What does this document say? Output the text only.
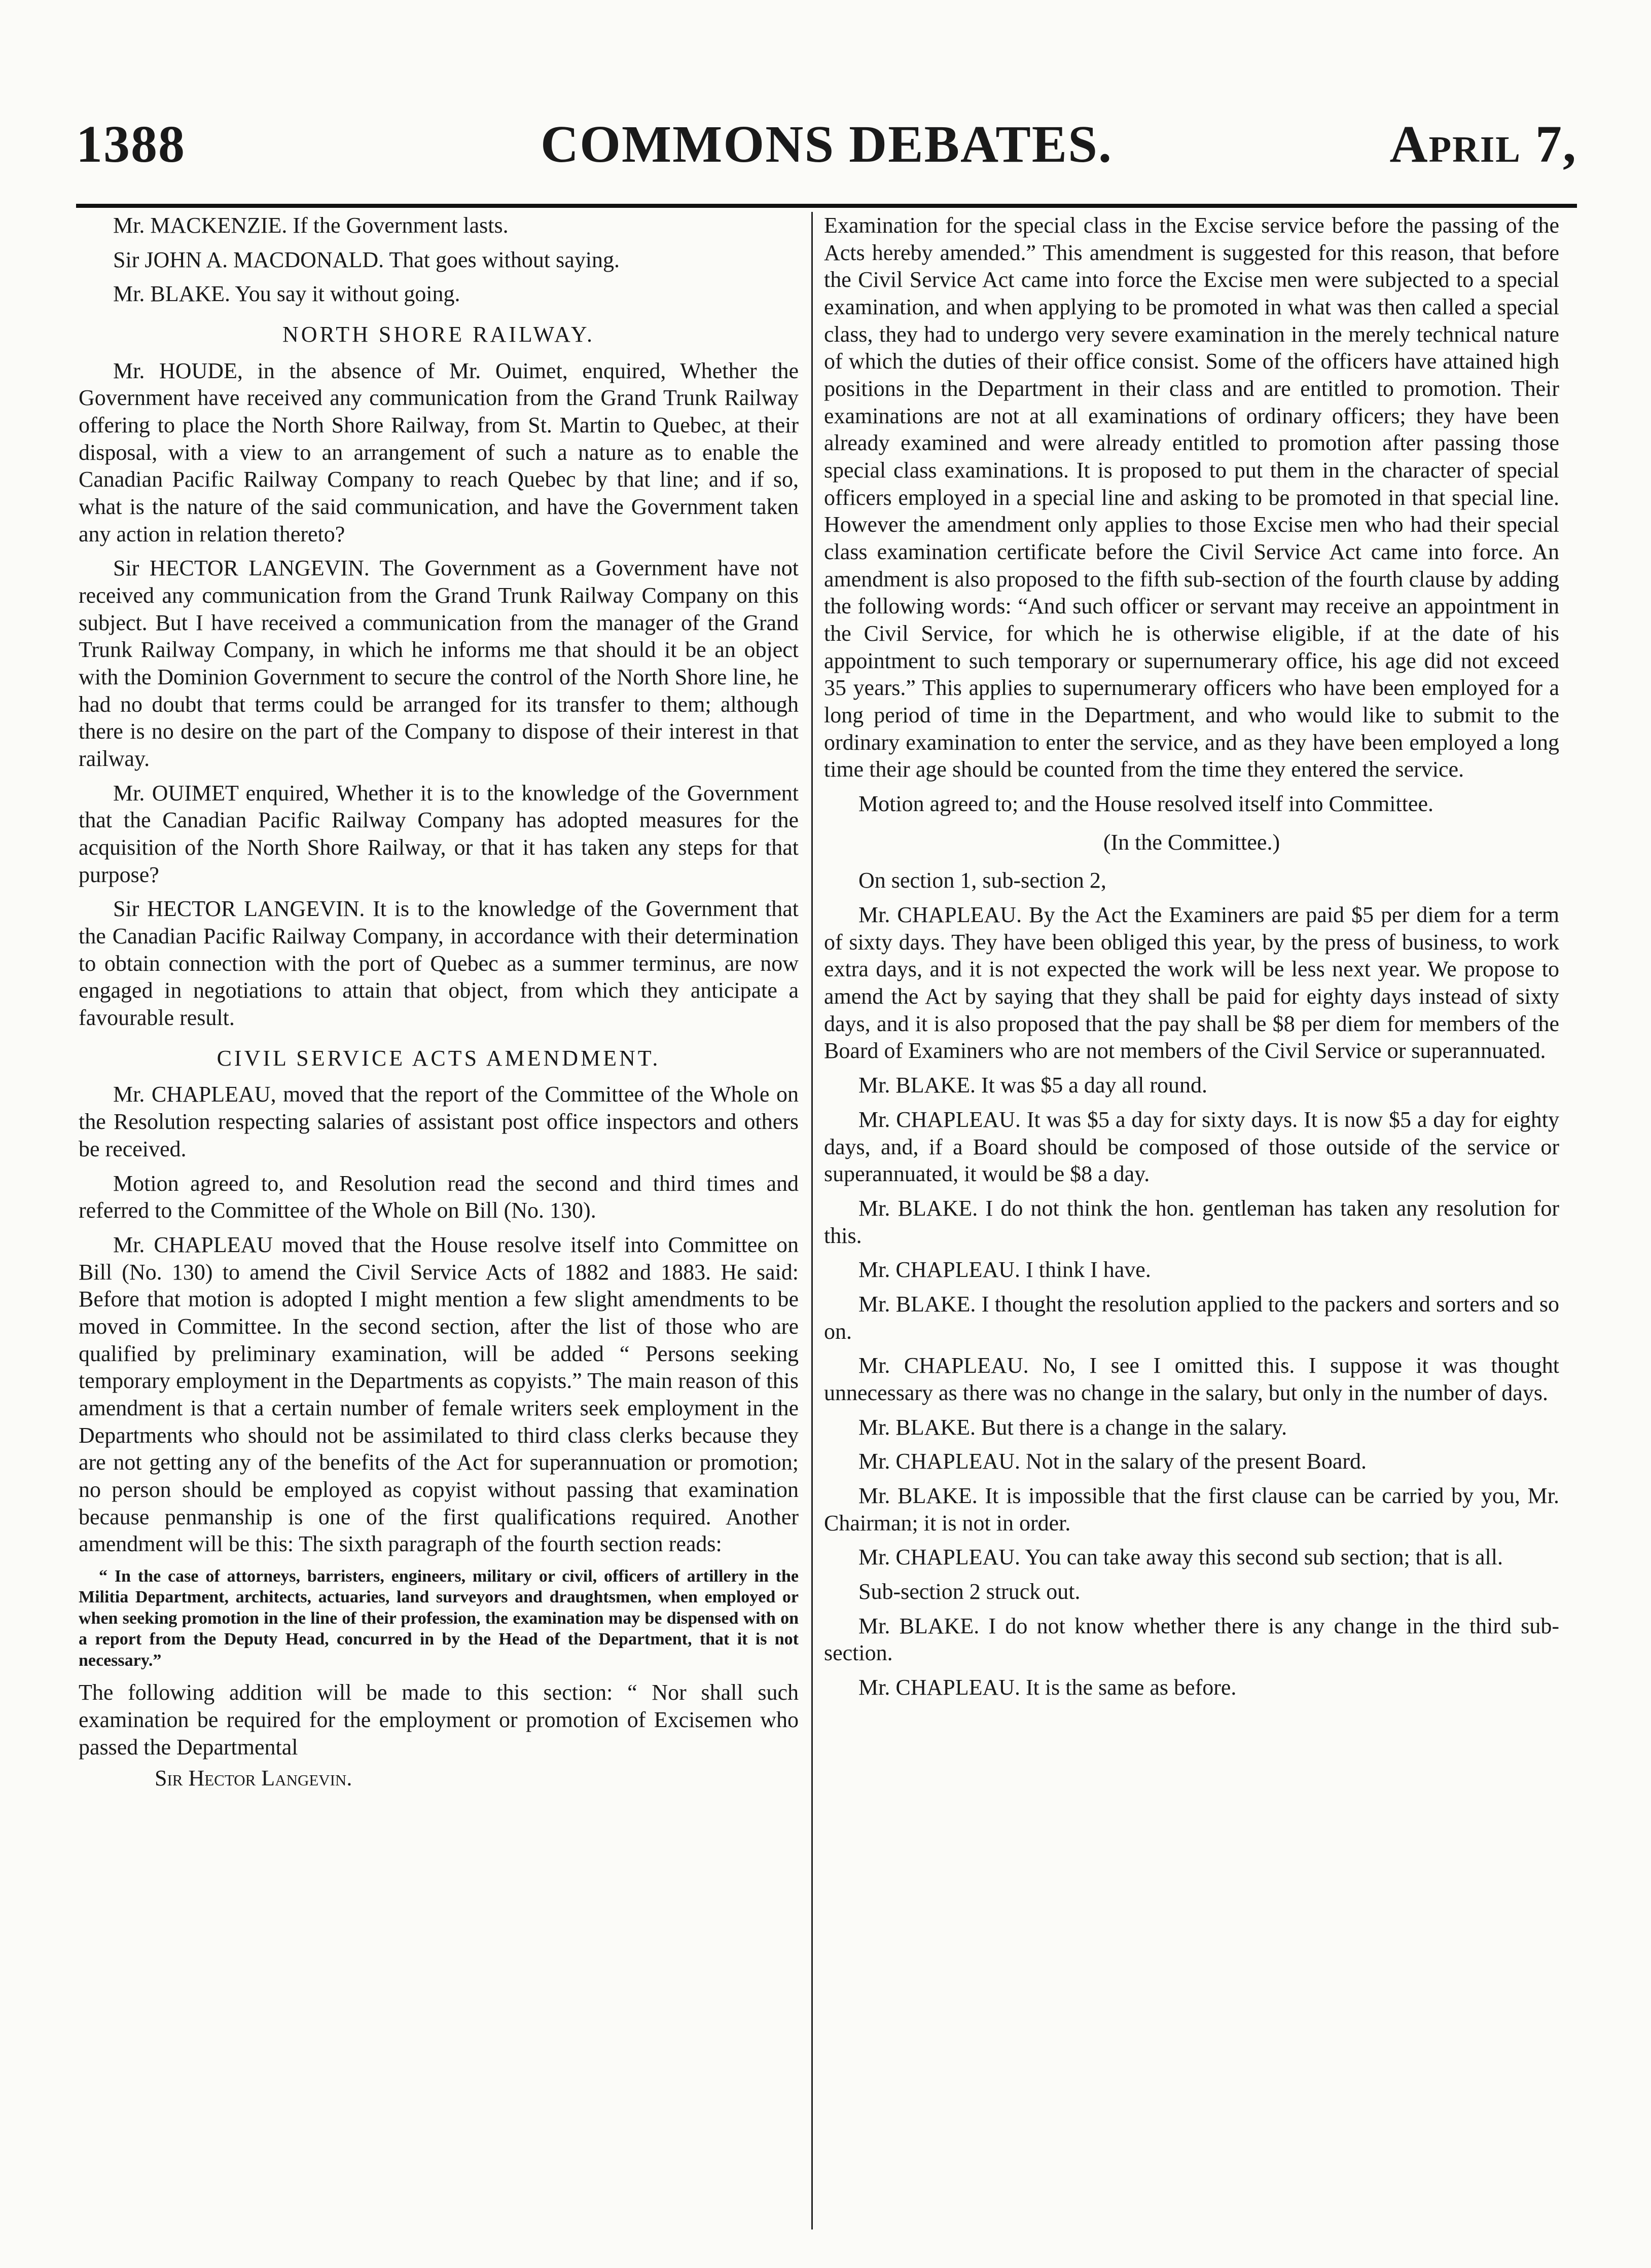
1388	COMMONS DEBATES.	April 7,

Mr. MACKENZIE. If the Government lasts.

Sir JOHN A. MACDONALD. That goes without saying.

Mr. BLAKE. You say it without going.

NORTH SHORE RAILWAY.

Mr. HOUDE, in the absence of Mr. Ouimet, enquired, Whether the Government have received any communication from the Grand Trunk Railway offering to place the North Shore Railway, from St. Martin to Quebec, at their disposal, with a view to an arrangement of such a nature as to enable the Canadian Pacific Railway Company to reach Quebec by that line; and if so, what is the nature of the said communication, and have the Government taken any action in relation thereto?

Sir HECTOR LANGEVIN. The Government as a Government have not received any communication from the Grand Trunk Railway Company on this subject. But I have received a communication from the manager of the Grand Trunk Railway Company, in which he informs me that should it be an object with the Dominion Government to secure the control of the North Shore line, he had no doubt that terms could be arranged for its transfer to them; although there is no desire on the part of the Company to dispose of their interest in that railway.

Mr. OUIMET enquired, Whether it is to the knowledge of the Government that the Canadian Pacific Railway Company has adopted measures for the acquisition of the North Shore Railway, or that it has taken any steps for that purpose?

Sir HECTOR LANGEVIN. It is to the knowledge of the Government that the Canadian Pacific Railway Company, in accordance with their determination to obtain connection with the port of Quebec as a summer terminus, are now engaged in negotiations to attain that object, from which they anticipate a favourable result.

CIVIL SERVICE ACTS AMENDMENT.

Mr. CHAPLEAU, moved that the report of the Committee of the Whole on the Resolution respecting salaries of assistant post office inspectors and others be received.

Motion agreed to, and Resolution read the second and third times and referred to the Committee of the Whole on Bill (No. 130).

Mr. CHAPLEAU moved that the House resolve itself into Committee on Bill (No. 130) to amend the Civil Service Acts of 1882 and 1883. He said: Before that motion is adopted I might mention a few slight amendments to be moved in Committee. In the second section, after the list of those who are qualified by preliminary examination, will be added “ Persons seeking temporary employment in the Departments as copyists.” The main reason of this amendment is that a certain number of female writers seek employment in the Departments who should not be assimilated to third class clerks because they are not getting any of the benefits of the Act for superannuation or promotion; no person should be employed as copyist without passing that examination because penmanship is one of the first qualifications required. Another amendment will be this: The sixth paragraph of the fourth section reads:

“ In the case of attorneys, barristers, engineers, military or civil, officers of artillery in the Militia Department, architects, actuaries, land surveyors and draughtsmen, when employed or when seeking promotion in the line of their profession, the examination may be dispensed with on a report from the Deputy Head, concurred in by the Head of the Department, that it is not necessary.”

The following addition will be made to this section: “ Nor shall such examination be required for the employment or promotion of Excisemen who passed the Departmental

Sir Hector Langevin.

Examination for the special class in the Excise service before the passing of the Acts hereby amended.” This amendment is suggested for this reason, that before the Civil Service Act came into force the Excise men were subjected to a special examination, and when applying to be promoted in what was then called a special class, they had to undergo very severe examination in the merely technical nature of which the duties of their office consist. Some of the officers have attained high positions in the Department in their class and are entitled to promotion. Their examinations are not at all examinations of ordinary officers; they have been already examined and were already entitled to promotion after passing those special class examinations. It is proposed to put them in the character of special officers employed in a special line and asking to be promoted in that special line. However the amendment only applies to those Excise men who had their special class examination certificate before the Civil Service Act came into force. An amendment is also proposed to the fifth sub-section of the fourth clause by adding the following words: “And such officer or servant may receive an appointment in the Civil Service, for which he is otherwise eligible, if at the date of his appointment to such temporary or supernumerary office, his age did not exceed 35 years.” This applies to supernumerary officers who have been employed for a long period of time in the Department, and who would like to submit to the ordinary examination to enter the service, and as they have been employed a long time their age should be counted from the time they entered the service.

Motion agreed to; and the House resolved itself into Committee.

(In the Committee.)

On section 1, sub-section 2,

Mr. CHAPLEAU. By the Act the Examiners are paid $5 per diem for a term of sixty days. They have been obliged this year, by the press of business, to work extra days, and it is not expected the work will be less next year. We propose to amend the Act by saying that they shall be paid for eighty days instead of sixty days, and it is also proposed that the pay shall be $8 per diem for members of the Board of Examiners who are not members of the Civil Service or superannuated.

Mr. BLAKE. It was $5 a day all round.

Mr. CHAPLEAU. It was $5 a day for sixty days. It is now $5 a day for eighty days, and, if a Board should be composed of those outside of the service or superannuated, it would be $8 a day.

Mr. BLAKE. I do not think the hon. gentleman has taken any resolution for this.

Mr. CHAPLEAU. I think I have.

Mr. BLAKE. I thought the resolution applied to the packers and sorters and so on.

Mr. CHAPLEAU. No, I see I omitted this. I suppose it was thought unnecessary as there was no change in the salary, but only in the number of days.

Mr. BLAKE. But there is a change in the salary.

Mr. CHAPLEAU. Not in the salary of the present Board.

Mr. BLAKE. It is impossible that the first clause can be carried by you, Mr. Chairman; it is not in order.

Mr. CHAPLEAU. You can take away this second sub section; that is all.

Sub-section 2 struck out.

Mr. BLAKE. I do not know whether there is any change in the third sub-section.

Mr. CHAPLEAU. It is the same as before.
